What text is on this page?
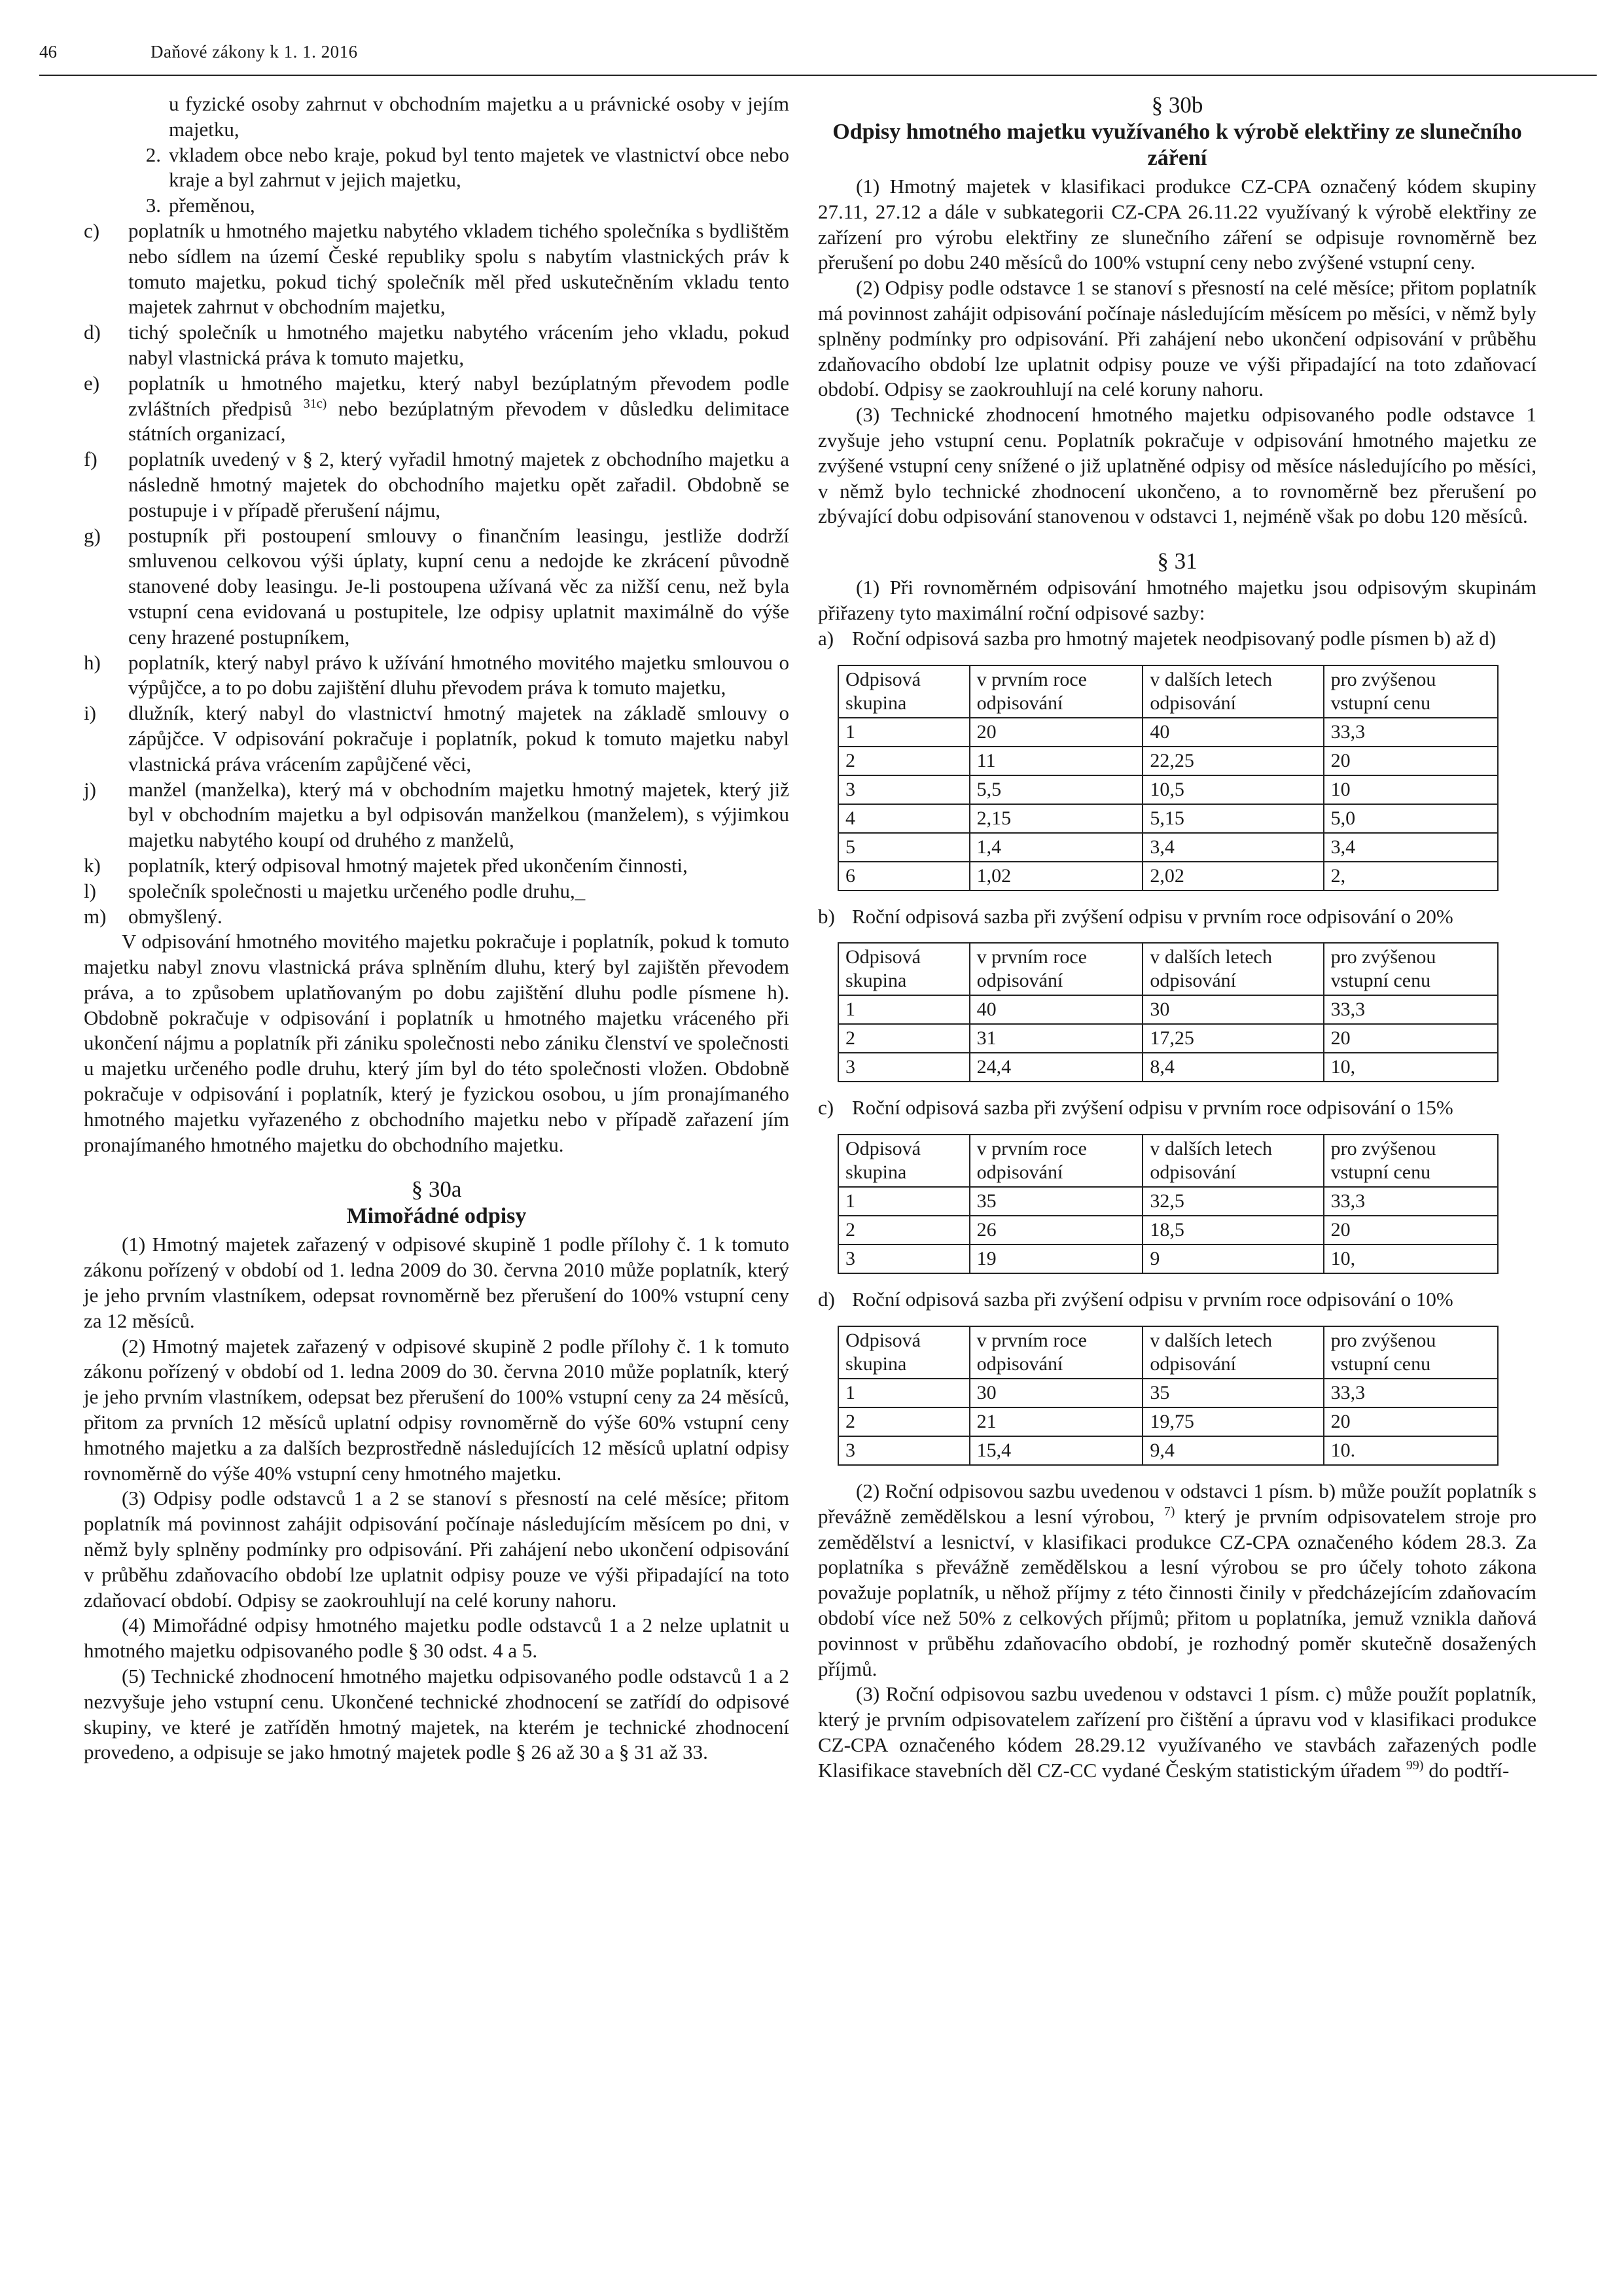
46	Daňové zákony k 1. 1. 2016

u fyzické osoby zahrnut v obchodním majetku a u právnické osoby v jejím majetku,

2. vkladem obce nebo kraje, pokud byl tento majetek ve vlastnictví obce nebo kraje a byl zahrnut v jejich majetku,
3. přeměnou,
c)	poplatník u hmotného majetku nabytého vkladem tichého společníka s bydlištěm nebo sídlem na území České republiky spolu s nabytím vlastnických práv k tomuto majetku, pokud tichý společník měl před uskutečněním vkladu tento majetek zahrnut v obchodním majetku,
d)	tichý společník u hmotného majetku nabytého vrácením jeho vkladu, pokud nabyl vlastnická práva k tomuto majetku,
e)	poplatník u hmotného majetku, který nabyl bezúplatným převodem podle zvláštních předpisů $^{31c)}$ nebo bezúplatným převodem v důsledku delimitace státních organizací,
f)	poplatník uvedený v § 2, který vyřadil hmotný majetek z obchodního majetku a následně hmotný majetek do obchodního majetku opět zařadil. Obdobně se postupuje i v případě přerušení nájmu,
g)	postupník při postoupení smlouvy o finančním leasingu, jestliže dodrží smluvenou celkovou výši úplaty, kupní cenu a nedojde ke zkrácení původně stanovené doby leasingu. Je-li postoupena užívaná věc za nižší cenu, než byla vstupní cena evidovaná u postupitele, lze odpisy uplatnit maximálně do výše ceny hrazené postupníkem,
h)	poplatník, který nabyl právo k užívání hmotného movitého majetku smlouvou o výpůjčce, a to po dobu zajištění dluhu převodem práva k tomuto majetku,
i)	dlužník, který nabyl do vlastnictví hmotný majetek na základě smlouvy o zápůjčce. V odpisování pokračuje i poplatník, pokud k tomuto majetku nabyl vlastnická práva vrácením zapůjčené věci,
j)	manžel (manželka), který má v obchodním majetku hmotný majetek, který již byl v obchodním majetku a byl odpisován manželkou (manželem), s výjimkou majetku nabytého koupí od druhého z manželů,
k)	poplatník, který odpisoval hmotný majetek před ukončením činnosti,
l)	společník společnosti u majetku určeného podle druhu,_
m)	obmyšlený.

V odpisování hmotného movitého majetku pokračuje i poplatník, pokud k tomuto majetku nabyl znovu vlastnická práva splněním dluhu, který byl zajištěn převodem práva, a to způsobem uplatňovaným po dobu zajištění dluhu podle písmene h). Obdobně pokračuje v odpisování i poplatník u hmotného majetku vráceného při ukončení nájmu a poplatník při zániku společnosti nebo zániku členství ve společnosti u majetku určeného podle druhu, který jím byl do této společnosti vložen. Obdobně pokračuje v odpisování i poplatník, který je fyzickou osobou, u jím pronajímaného hmotného majetku vyřazeného z obchodního majetku nebo v případě zařazení jím pronajímaného hmotného majetku do obchodního majetku.

§ 30a
Mimořádné odpisy

(1) Hmotný majetek zařazený v odpisové skupině 1 podle přílohy č. 1 k tomuto zákonu pořízený v období od 1. ledna 2009 do 30. června 2010 může poplatník, který je jeho prvním vlastníkem, odepsat rovnoměrně bez přerušení do 100% vstupní ceny za 12 měsíců.

(2) Hmotný majetek zařazený v odpisové skupině 2 podle přílohy č. 1 k tomuto zákonu pořízený v období od 1. ledna 2009 do 30. června 2010 může poplatník, který je jeho prvním vlastníkem, odepsat bez přerušení do 100% vstupní ceny za 24 měsíců, přitom za prvních 12 měsíců uplatní odpisy rovnoměrně do výše 60% vstupní ceny hmotného majetku a za dalších bezprostředně následujících 12 měsíců uplatní odpisy rovnoměrně do výše 40% vstupní ceny hmotného majetku.

(3) Odpisy podle odstavců 1 a 2 se stanoví s přesností na celé měsíce; přitom poplatník má povinnost zahájit odpisování počínaje následujícím měsícem po dni, v němž byly splněny podmínky pro odpisování. Při zahájení nebo ukončení odpisování v průběhu zdaňovacího období lze uplatnit odpisy pouze ve výši připadající na toto zdaňovací období. Odpisy se zaokrouhlují na celé koruny nahoru.

(4) Mimořádné odpisy hmotného majetku podle odstavců 1 a 2 nelze uplatnit u hmotného majetku odpisovaného podle § 30 odst. 4 a 5.

(5) Technické zhodnocení hmotného majetku odpisovaného podle odstavců 1 a 2 nezvyšuje jeho vstupní cenu. Ukončené technické zhodnocení se zatřídí do odpisové skupiny, ve které je zatříděn hmotný majetek, na kterém je technické zhodnocení provedeno, a odpisuje se jako hmotný majetek podle § 26 až 30 a § 31 až 33.

§ 30b
Odpisy hmotného majetku využívaného k výrobě elektřiny ze slunečního záření

(1) Hmotný majetek v klasifikaci produkce CZ-CPA označený kódem skupiny 27.11, 27.12 a dále v subkategorii CZ-CPA 26.11.22 využívaný k výrobě elektřiny ze zařízení pro výrobu elektřiny ze slunečního záření se odpisuje rovnoměrně bez přerušení po dobu 240 měsíců do 100% vstupní ceny nebo zvýšené vstupní ceny.

(2) Odpisy podle odstavce 1 se stanoví s přesností na celé měsíce; přitom poplatník má povinnost zahájit odpisování počínaje následujícím měsícem po měsíci, v němž byly splněny podmínky pro odpisování. Při zahájení nebo ukončení odpisování v průběhu zdaňovacího období lze uplatnit odpisy pouze ve výši připadající na toto zdaňovací období. Odpisy se zaokrouhlují na celé koruny nahoru.

(3) Technické zhodnocení hmotného majetku odpisovaného podle odstavce 1 zvyšuje jeho vstupní cenu. Poplatník pokračuje v odpisování hmotného majetku ze zvýšené vstupní ceny snížené o již uplatněné odpisy od měsíce následujícího po měsíci, v němž bylo technické zhodnocení ukončeno, a to rovnoměrně bez přerušení po zbývající dobu odpisování stanovenou v odstavci 1, nejméně však po dobu 120 měsíců.

§ 31

(1) Při rovnoměrném odpisování hmotného majetku jsou odpisovým skupinám přiřazeny tyto maximální roční odpisové sazby:

a) Roční odpisová sazba pro hmotný majetek neodpisovaný podle písmen b) až d)
Odpisová skupina	v prvním roce odpisování	v dalších letech odpisování	pro zvýšenou vstupní cenu
1	20	40	33,3
2	11	22,25	20
3	5,5	10,5	10
4	2,15	5,15	5,0
5	1,4	3,4	3,4
6	1,02	2,02	2,
b) Roční odpisová sazba při zvýšení odpisu v prvním roce odpisování o 20%
Odpisová skupina	v prvním roce odpisování	v dalších letech odpisování	pro zvýšenou vstupní cenu
1	40	30	33,3
2	31	17,25	20
3	24,4	8,4	10,
c) Roční odpisová sazba při zvýšení odpisu v prvním roce odpisování o 15%
Odpisová skupina	v prvním roce odpisování	v dalších letech odpisování	pro zvýšenou vstupní cenu
1	35	32,5	33,3
2	26	18,5	20
3	19	9	10,
d) Roční odpisová sazba při zvýšení odpisu v prvním roce odpisování o 10%
Odpisová skupina	v prvním roce odpisování	v dalších letech odpisování	pro zvýšenou vstupní cenu
1	30	35	33,3
2	21	19,75	20
3	15,4	9,4	10.

(2) Roční odpisovou sazbu uvedenou v odstavci 1 písm. b) může použít poplatník s převážně zemědělskou a lesní výrobou, $^{7)}$ který je prvním odpisovatelem stroje pro zemědělství a lesnictví, v klasifikaci produkce CZ-CPA označeného kódem 28.3. Za poplatníka s převážně zemědělskou a lesní výrobou se pro účely tohoto zákona považuje poplatník, u něhož příjmy z této činnosti činily v předcházejícím zdaňovacím období více než 50% z celkových příjmů; přitom u poplatníka, jemuž vznikla daňová povinnost v průběhu zdaňovacího období, je rozhodný poměr skutečně dosažených příjmů.

(3) Roční odpisovou sazbu uvedenou v odstavci 1 písm. c) může použít poplatník, který je prvním odpisovatelem zařízení pro čištění a úpravu vod v klasifikaci produkce CZ-CPA označeného kódem 28.29.12 využívaného ve stavbách zařazených podle Klasifikace stavebních děl CZ-CC vydané Českým statistickým úřadem $^{99)}$ do podtří-
